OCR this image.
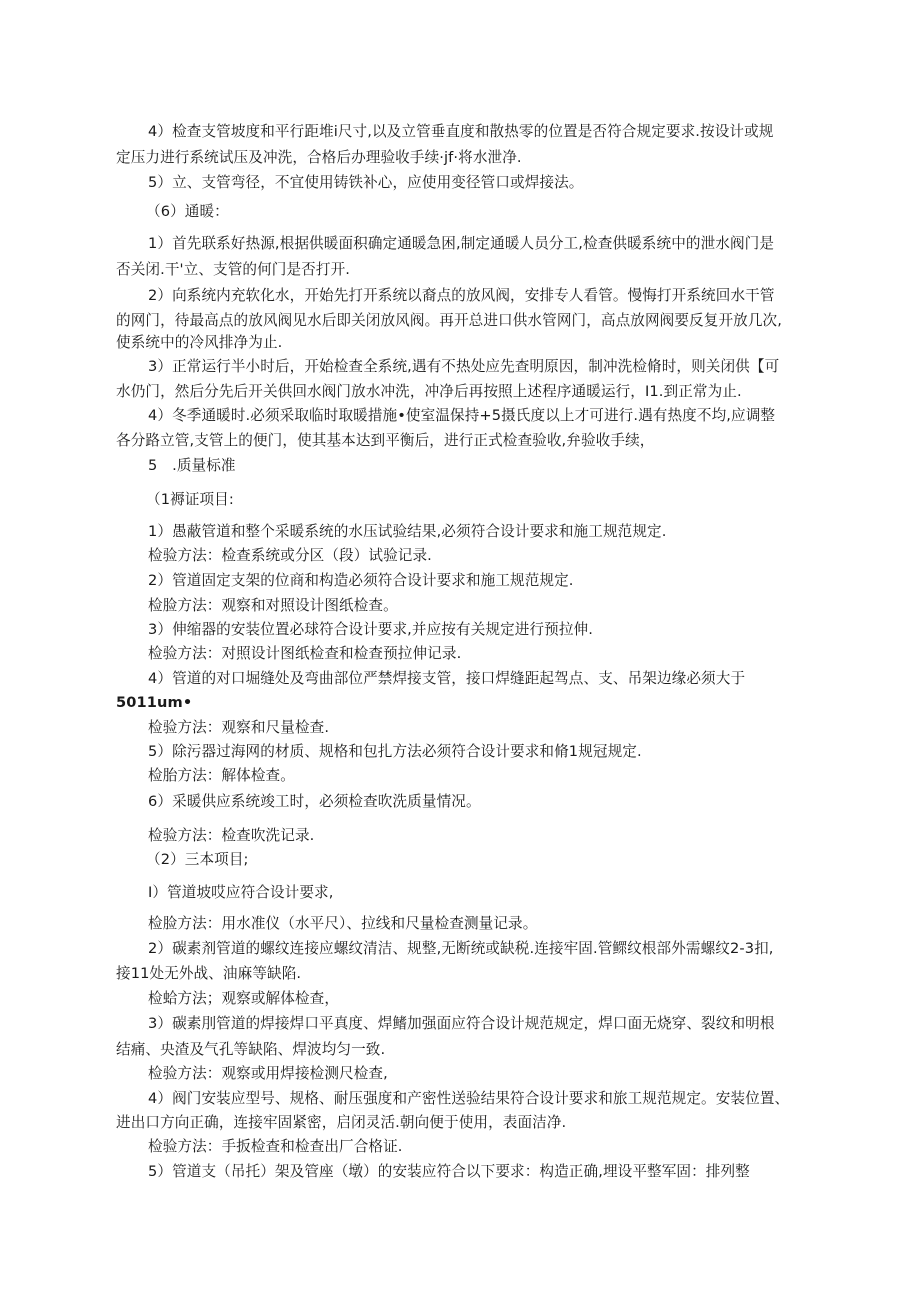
4）检查支管坡度和平行距堆i尺寸,以及立管垂直度和散热零的位置是否符合规定要求.按设计或规
定压力进行系统试压及冲洗，合格后办理验收手续·jf·将水泄净.
5）立、支管弯径，不宜使用铸铁补心，应使用变径管口或焊接法。
（6）通暖：
1）首先联系好热源,根据供暖面积确定通暖急困,制定通暖人员分工,检查供暖系统中的泄水阀门是
否关闭.干'立、支管的何门是否打开.
2）向系统内充软化水，开始先打开系统以裔点的放风阀，安排专人看管。慢悔打开系统回水干管
的网门，待最高点的放风阀见水后即关闭放风阀。再开总进口供水管网门，高点放网阀要反复开放几次,
使系统中的冷风排净为止.
3）正常运行半小时后，开始检查全系统,遇有不热处应先查明原因，制冲洗检脩时，则关闭供【可
水仍门，然后分先后开关供回水阀门放水冲洗，冲净后再按照上述程序通暖运行，I1.到正常为止.
4）冬季通暖时.必须采取临时取暖措施•使室温保持+5摄氏度以上才可进行.遇有热度不均,应调整
各分路立管,支管上的便门，使其基本达到平衡后，进行正式检查验收,弁验收手续，
5　.质量标准
（1褥证项目:
1）愚蔽管道和整个采暖系统的水压试验结果,必须符合设计要求和施工规范规定.
检验方法：检查系统或分区（段）试验记录.
2）管道固定支架的位商和构造必须符合设计要求和施工规范规定.
检脸方法：观察和对照设计图纸检查。
3）伸缩器的安装位置必球符合设计要求,并应按有关规定进行预拉伸.
检验方法：对照设计图纸检查和检查预拉伸记录.
4）管道的对口堀缝处及弯曲部位严禁焊接支管，接口焊缝距起驾点、支、吊架边缘必须大于
5011um•
检验方法：观察和尺量检查.
5）除污器过海网的材质、规格和包扎方法必须符合设计要求和脩1规冠规定.
检胎方法：解体检查。
6）采暖供应系统竣工时，必须检查吹洗质量情况。
检验方法：检查吹洗记录.
（2）三本项目;
I）管道坡哎应符合设计要求,
检脸方法：用水准仪（水平尺）、拉线和尺量检查测量记录。
2）碳素剂管道的螺纹连接应螺纹清洁、规整,无断统或缺税.连接牢固.管鳏纹根部外需螺纹2-3扣,
接11处无外战、油麻等缺陷.
检蛤方法；观察或解体检查，
3）碳素刖管道的焊接焊口平真度、焊鳍加强面应符合设计规范规定，焊口面无烧穿、裂纹和明根
结痛、央渣及气孔等缺陷、焊波均匀一致.
检验方法：观察或用焊接检测尺检查,
4）阀门安装应型号、规格、耐压强度和产密性送验结果符合设计要求和旅工规范规定。安装位置、
进出口方向正确，连接牢固紧密，启闭灵活.朝向便于使用，表面洁净.
检验方法：手扳检查和检查出厂合格证.
5）管道支（吊托）架及管座（墩）的安装应符合以下要求：构造正确,埋设平整军固：排列整
